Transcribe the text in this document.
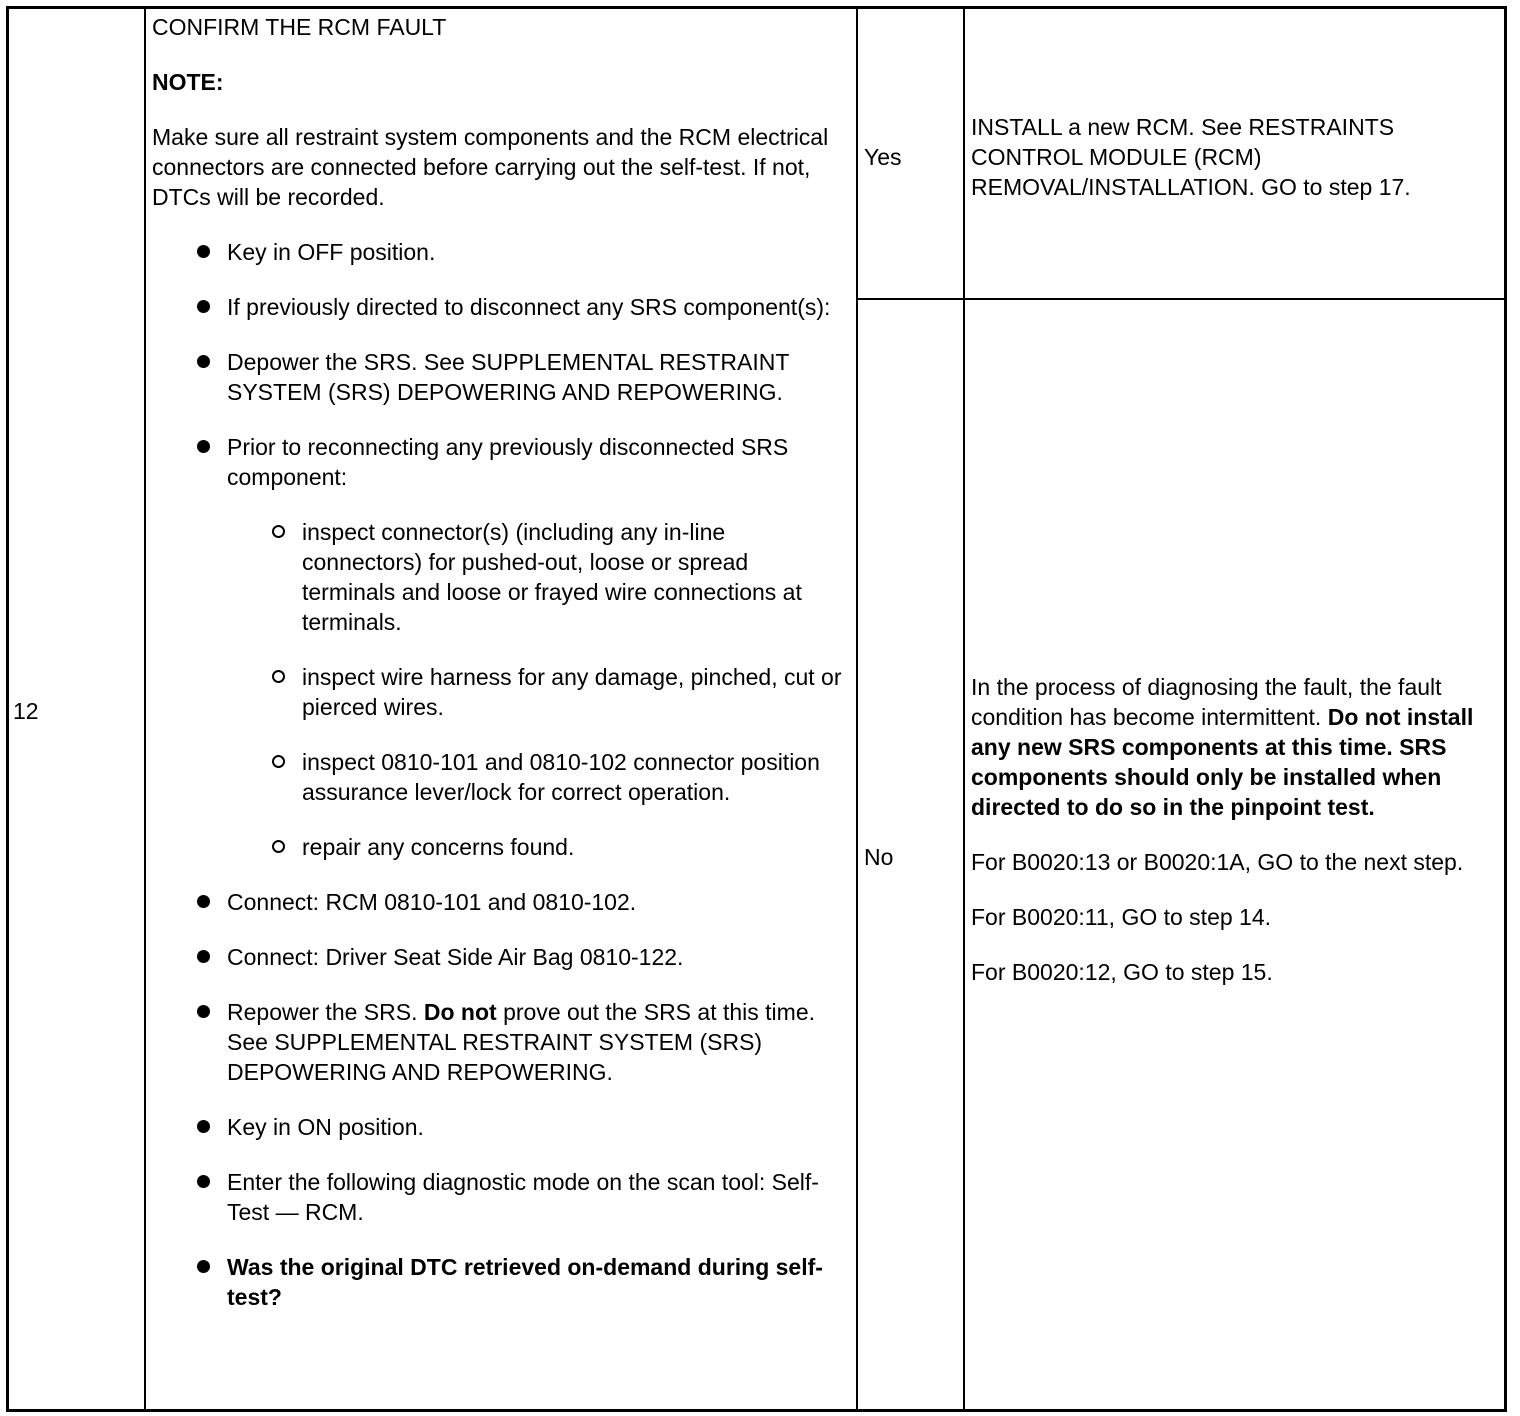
12

CONFIRM THE RCM FAULT

NOTE:

Make sure all restraint system components and the RCM electrical connectors are connected before carrying out the self-test. If not, DTCs will be recorded.

Key in OFF position.
If previously directed to disconnect any SRS component(s):
Depower the SRS. See SUPPLEMENTAL RESTRAINT SYSTEM (SRS) DEPOWERING AND REPOWERING.
Prior to reconnecting any previously disconnected SRS component:
inspect connector(s) (including any in-line connectors) for pushed-out, loose or spread terminals and loose or frayed wire connections at terminals.
inspect wire harness for any damage, pinched, cut or pierced wires.
inspect 0810-101 and 0810-102 connector position assurance lever/lock for correct operation.
repair any concerns found.
Connect: RCM 0810-101 and 0810-102.
Connect: Driver Seat Side Air Bag 0810-122.
Repower the SRS. Do not prove out the SRS at this time. See SUPPLEMENTAL RESTRAINT SYSTEM (SRS) DEPOWERING AND REPOWERING.
Key in ON position.
Enter the following diagnostic mode on the scan tool: Self-Test — RCM.
Was the original DTC retrieved on-demand during self-test?

Yes

INSTALL a new RCM. See RESTRAINTS CONTROL MODULE (RCM) REMOVAL/INSTALLATION. GO to step 17.

No

In the process of diagnosing the fault, the fault condition has become intermittent. Do not install any new SRS components at this time. SRS components should only be installed when directed to do so in the pinpoint test.

For B0020:13 or B0020:1A, GO to the next step.

For B0020:11, GO to step 14.

For B0020:12, GO to step 15.
